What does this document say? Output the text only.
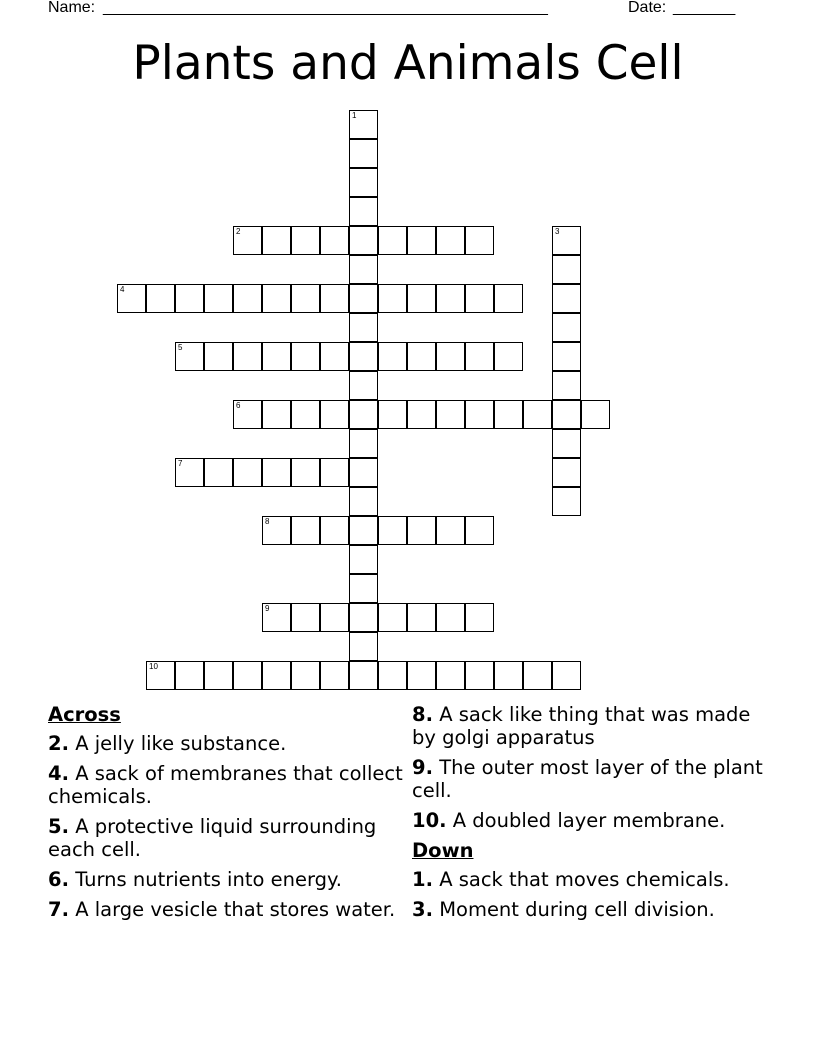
Name: __________________________________________________	Date: _______
Plants and Animals Cell
1
2	3
4
5
6
7
8
9
10
Across
2. A jelly like substance.
4. A sack of membranes that collect chemicals.
5. A protective liquid surrounding each cell.
6. Turns nutrients into energy.
7. A large vesicle that stores water.
8. A sack like thing that was made by golgi apparatus
9. The outer most layer of the plant cell.
10. A doubled layer membrane.
Down
1. A sack that moves chemicals.
3. Moment during cell division.
